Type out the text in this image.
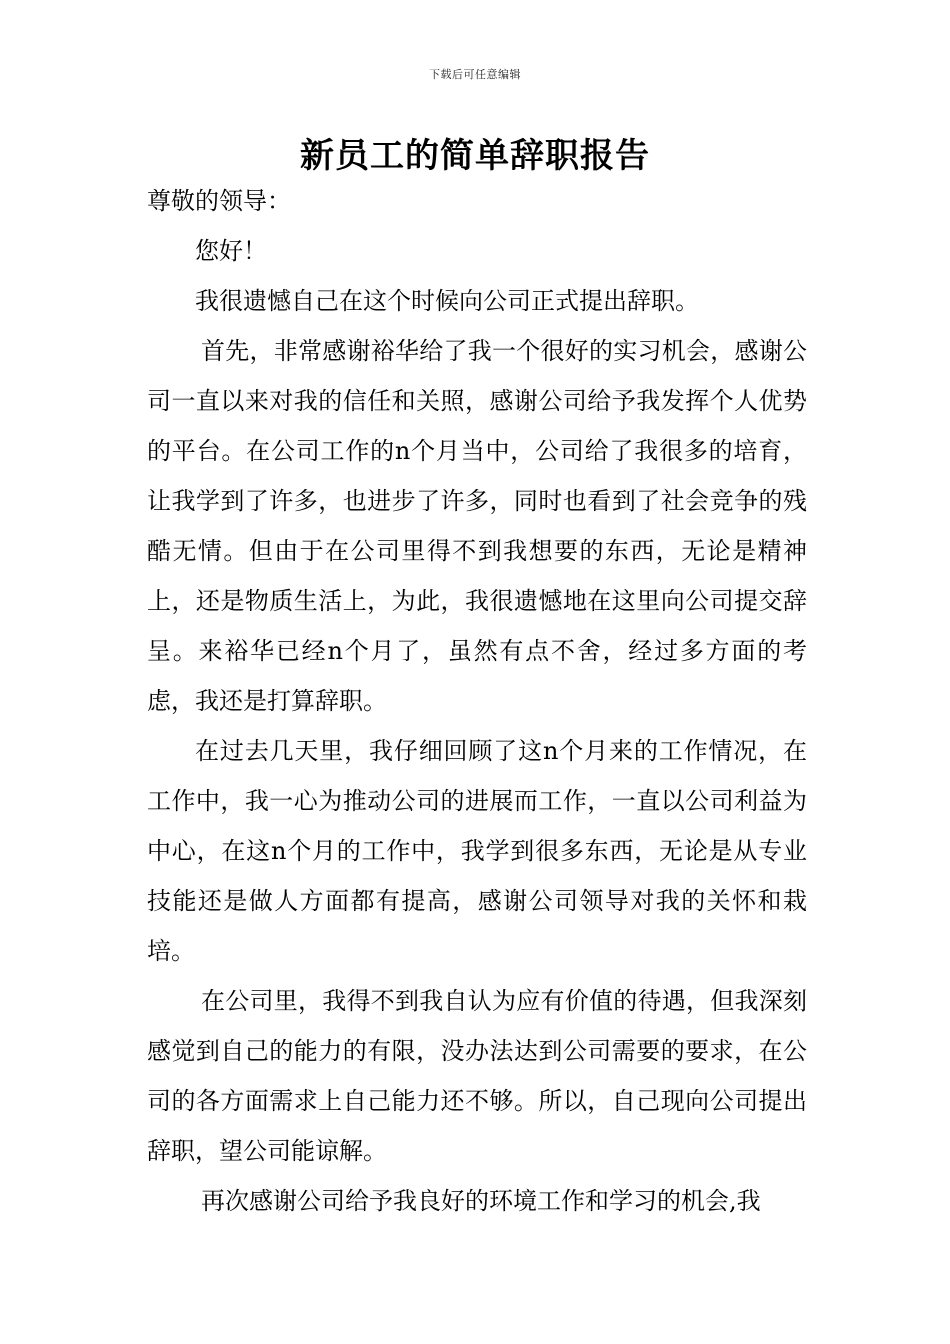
下载后可任意编辑
新员工的简单辞职报告

尊敬的领导：

您好！

我很遗憾自己在这个时候向公司正式提出辞职。

首先，非常感谢裕华给了我一个很好的实习机会，感谢公司一直以来对我的信任和关照，感谢公司给予我发挥个人优势的平台。在公司工作的n个月当中，公司给了我很多的培育，让我学到了许多，也进步了许多，同时也看到了社会竞争的残酷无情。但由于在公司里得不到我想要的东西，无论是精神上，还是物质生活上，为此，我很遗憾地在这里向公司提交辞呈。来裕华已经n个月了，虽然有点不舍，经过多方面的考虑，我还是打算辞职。

在过去几天里，我仔细回顾了这n个月来的工作情况，在工作中，我一心为推动公司的进展而工作，一直以公司利益为中心，在这n个月的工作中，我学到很多东西，无论是从专业技能还是做人方面都有提高，感谢公司领导对我的关怀和栽培。

在公司里，我得不到我自认为应有价值的待遇，但我深刻感觉到自己的能力的有限，没办法达到公司需要的要求，在公司的各方面需求上自己能力还不够。所以，自己现向公司提出辞职，望公司能谅解。

再次感谢公司给予我良好的环境工作和学习的机会,我
